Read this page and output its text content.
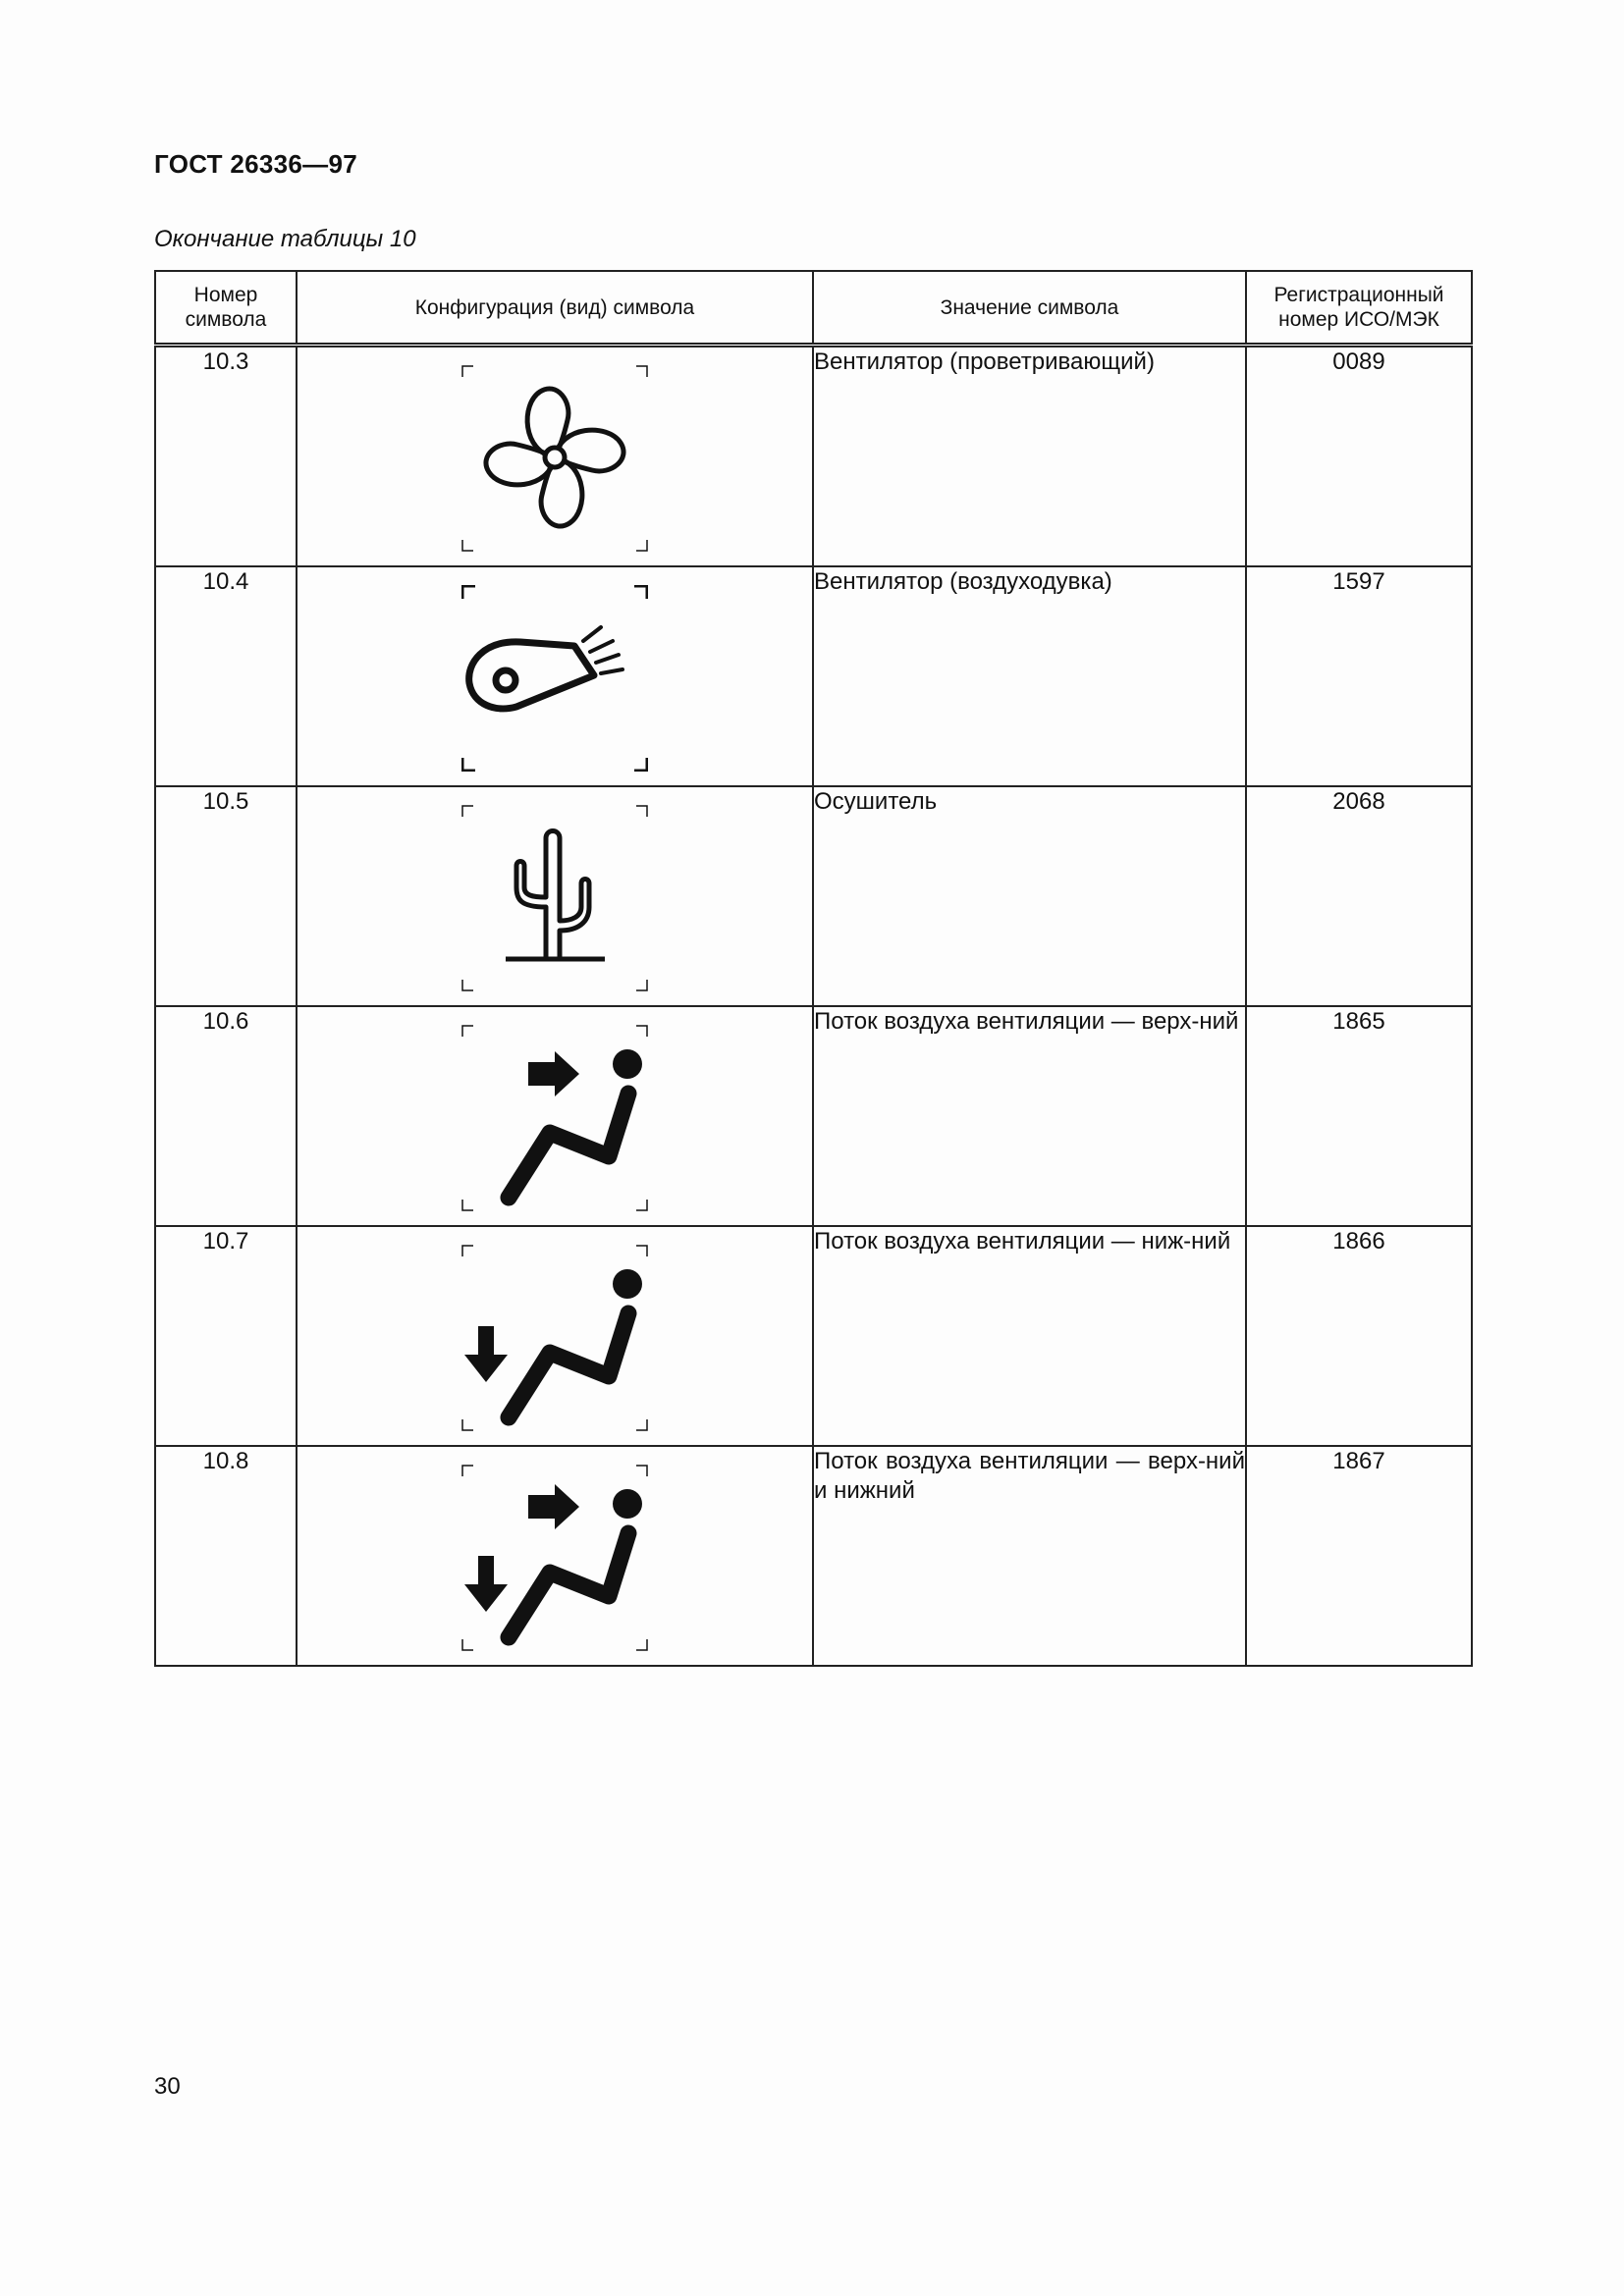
ГОСТ 26336—97
Окончание таблицы 10
Номер символа	Конфигурация (вид) символа	Значение символа	Регистрационный номер ИСО/МЭК
10.3		Вентилятор (проветривающий)	0089
10.4		Вентилятор (воздуходувка)	1597
10.5		Осушитель	2068
10.6		Поток воздуха вентиляции — верх-ний	1865
10.7		Поток воздуха вентиляции — ниж-ний	1866
10.8		Поток воздуха вентиляции — верх-ний и нижний	1867
30
